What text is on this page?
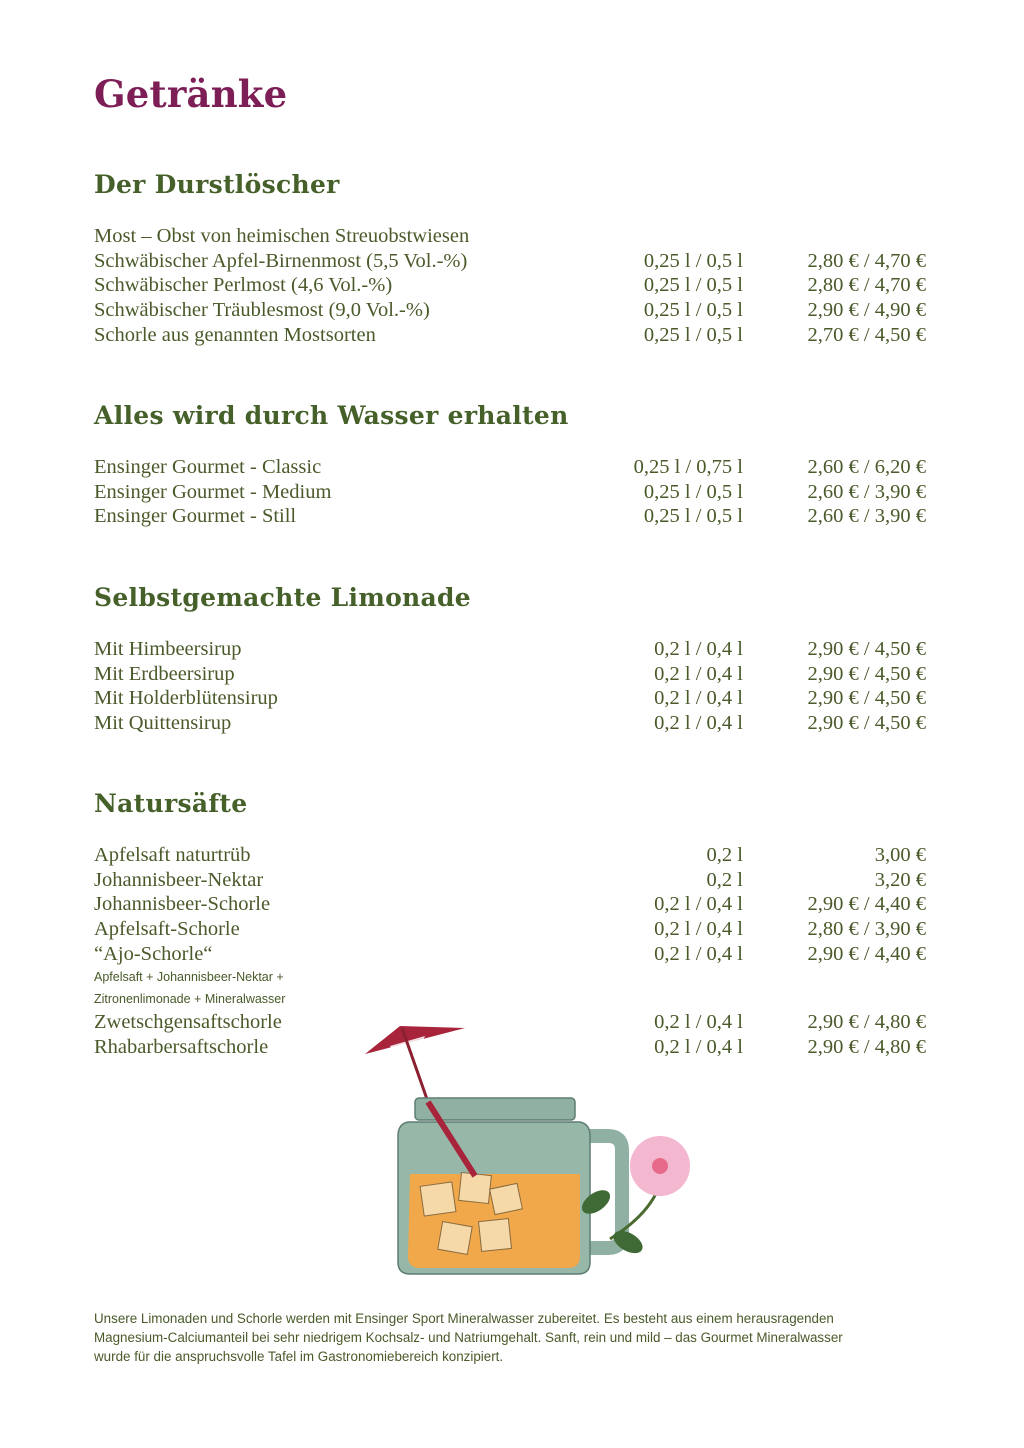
Getränke
Der Durstlöscher
Most – Obst von heimischen Streuobstwiesen
Schwäbischer Apfel-Birnenmost (5,5 Vol.-%)	0,25 l / 0,5 l	2,80 € / 4,70 €
Schwäbischer Perlmost (4,6 Vol.-%)	0,25 l / 0,5 l	2,80 € / 4,70 €
Schwäbischer Träublesmost (9,0 Vol.-%)	0,25 l / 0,5 l	2,90 € / 4,90 €
Schorle aus genannten Mostsorten	0,25 l / 0,5 l	2,70 € / 4,50 €
Alles wird durch Wasser erhalten
Ensinger Gourmet - Classic	0,25 l / 0,75 l	2,60 € / 6,20 €
Ensinger Gourmet - Medium	0,25 l / 0,5 l	2,60 € / 3,90 €
Ensinger Gourmet - Still	0,25 l / 0,5 l	2,60 € / 3,90 €
Selbstgemachte Limonade
Mit Himbeersirup	0,2 l / 0,4 l	2,90 € / 4,50 €
Mit Erdbeersirup	0,2 l / 0,4 l	2,90 € / 4,50 €
Mit Holderblütensirup	0,2 l / 0,4 l	2,90 € / 4,50 €
Mit Quittensirup	0,2 l / 0,4 l	2,90 € / 4,50 €
Natursäfte
Apfelsaft naturtrüb	0,2 l	3,00 €
Johannisbeer-Nektar	0,2 l	3,20 €
Johannisbeer-Schorle	0,2 l / 0,4 l	2,90 € / 4,40 €
Apfelsaft-Schorle	0,2 l / 0,4 l	2,80 € / 3,90 €
“Ajo-Schorle“	0,2 l / 0,4 l	2,90 € / 4,40 €
Apfelsaft + Johannisbeer-Nektar +
Zitronenlimonade + Mineralwasser
Zwetschgensaftschorle	0,2 l / 0,4 l	2,90 € / 4,80 €
Rhabarbersaftschorle	0,2 l / 0,4 l	2,90 € / 4,80 €
Unsere Limonaden und Schorle werden mit Ensinger Sport Mineralwasser zubereitet. Es besteht aus einem herausragenden
Magnesium-Calciumanteil bei sehr niedrigem Kochsalz- und Natriumgehalt. Sanft, rein und mild – das Gourmet Mineralwasser
wurde für die anspruchsvolle Tafel im Gastronomiebereich konzipiert.
